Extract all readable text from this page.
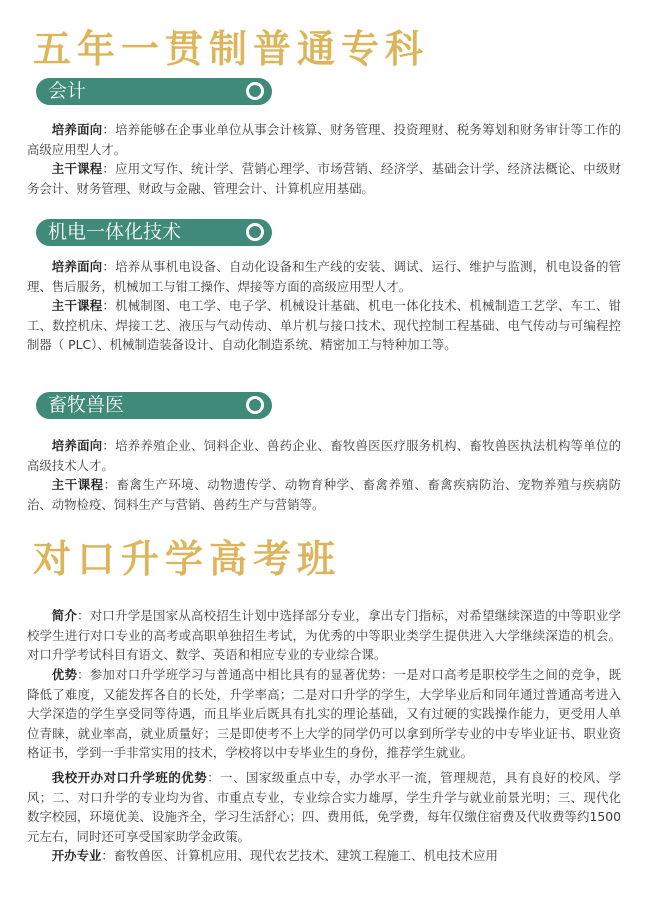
五年一贯制普通专科
会计
培养面向：培养能够在企事业单位从事会计核算、财务管理、投资理财、税务筹划和财务审计等工作的高级应用型人才。
主干课程：应用文写作、统计学、营销心理学、市场营销、经济学、基础会计学、经济法概论、中级财务会计、财务管理、财政与金融、管理会计、计算机应用基础。
机电一体化技术
培养面向：培养从事机电设备、自动化设备和生产线的安装、调试、运行、维护与监测，机电设备的管理、售后服务，机械加工与钳工操作、焊接等方面的高级应用型人才。
主干课程：机械制图、电工学、电子学、机械设计基础、机电一体化技术、机械制造工艺学、车工、钳工、数控机床、焊接工艺、液压与气动传动、单片机与接口技术、现代控制工程基础、电气传动与可编程控制器（ PLC）、机械制造装备设计、自动化制造系统、精密加工与特种加工等。
畜牧兽医
培养面向：培养养殖企业、饲料企业、兽药企业、畜牧兽医医疗服务机构、畜牧兽医执法机构等单位的高级技术人才。
主干课程：畜禽生产环境、动物遗传学、动物育种学、畜禽养殖、畜禽疾病防治、宠物养殖与疾病防治、动物检疫、饲料生产与营销、兽药生产与营销等。
对口升学高考班
简介：对口升学是国家从高校招生计划中选择部分专业，拿出专门指标，对希望继续深造的中等职业学校学生进行对口专业的高考或高职单独招生考试，为优秀的中等职业类学生提供进入大学继续深造的机会。对口升学考试科目有语文、数学、英语和相应专业的专业综合课。
优势：参加对口升学班学习与普通高中相比具有的显著优势：一是对口高考是职校学生之间的竞争，既降低了难度，又能发挥各自的长处，升学率高；二是对口升学的学生，大学毕业后和同年通过普通高考进入大学深造的学生享受同等待遇，而且毕业后既具有扎实的理论基础，又有过硬的实践操作能力，更受用人单位青睐，就业率高，就业质量好；三是即使考不上大学的同学仍可以拿到所学专业的中专毕业证书、职业资格证书，学到一手非常实用的技术，学校将以中专毕业生的身份，推荐学生就业。
我校开办对口升学班的优势：一、国家级重点中专，办学水平一流，管理规范，具有良好的校风、学风；二、对口升学的专业均为省、市重点专业，专业综合实力雄厚，学生升学与就业前景光明；三、现代化数字校园，环境优美、设施齐全，学习生活舒心；四、费用低，免学费，每年仅缴住宿费及代收费等约1500元左右，同时还可享受国家助学金政策。
开办专业：畜牧兽医、计算机应用、现代农艺技术、建筑工程施工、机电技术应用
